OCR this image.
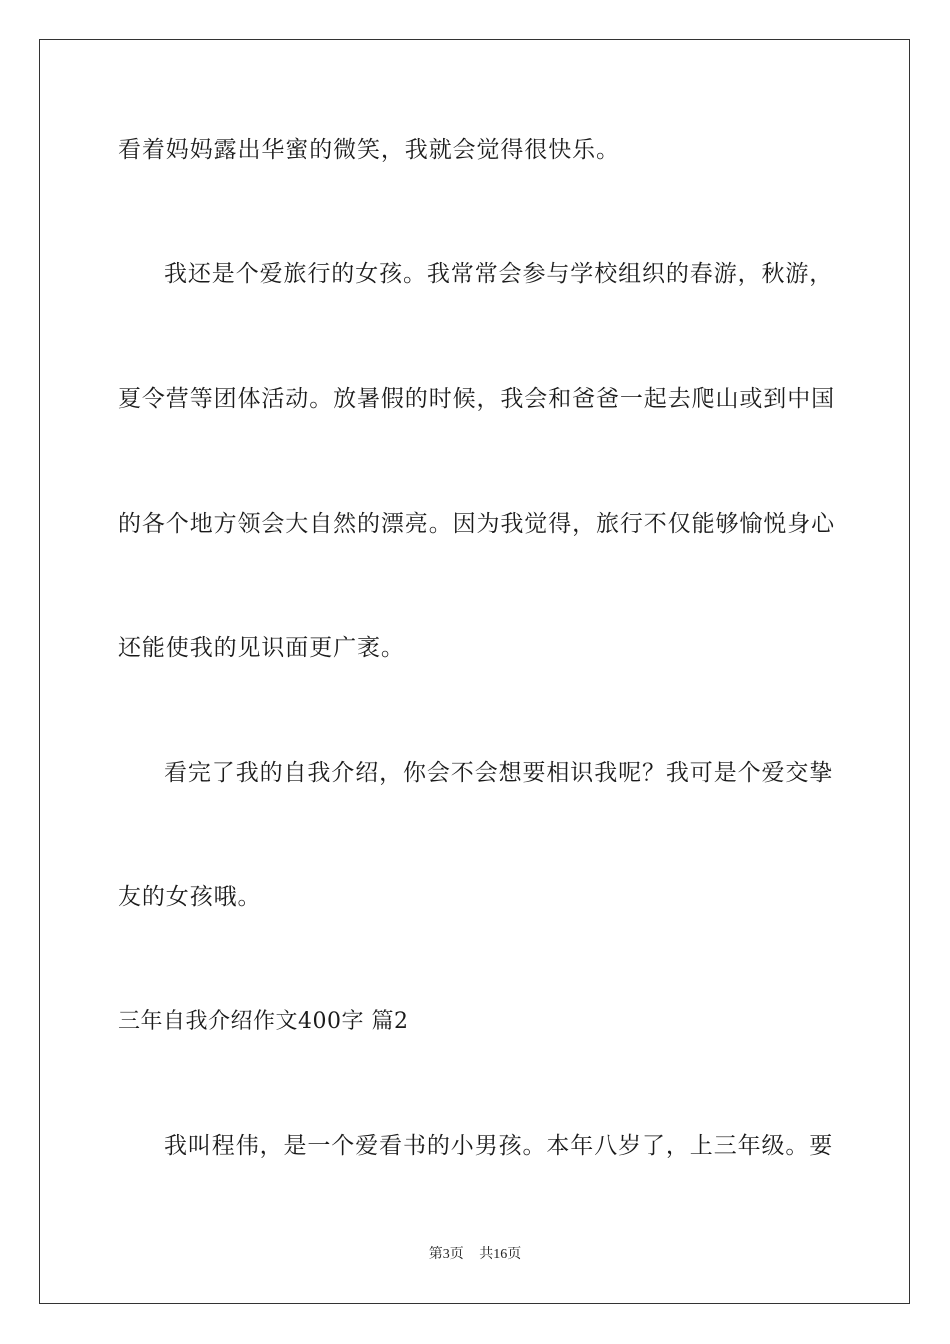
看着妈妈露出华蜜的微笑，我就会觉得很快乐。
我还是个爱旅行的女孩。我常常会参与学校组织的春游，秋游，
夏令营等团体活动。放暑假的时候，我会和爸爸一起去爬山或到中国
的各个地方领会大自然的漂亮。因为我觉得，旅行不仅能够愉悦身心
还能使我的见识面更广袤。
看完了我的自我介绍，你会不会想要相识我呢？我可是个爱交挚
友的女孩哦。
三年自我介绍作文400字 篇2
我叫程伟，是一个爱看书的小男孩。本年八岁了，上三年级。要
第3页 共16页
